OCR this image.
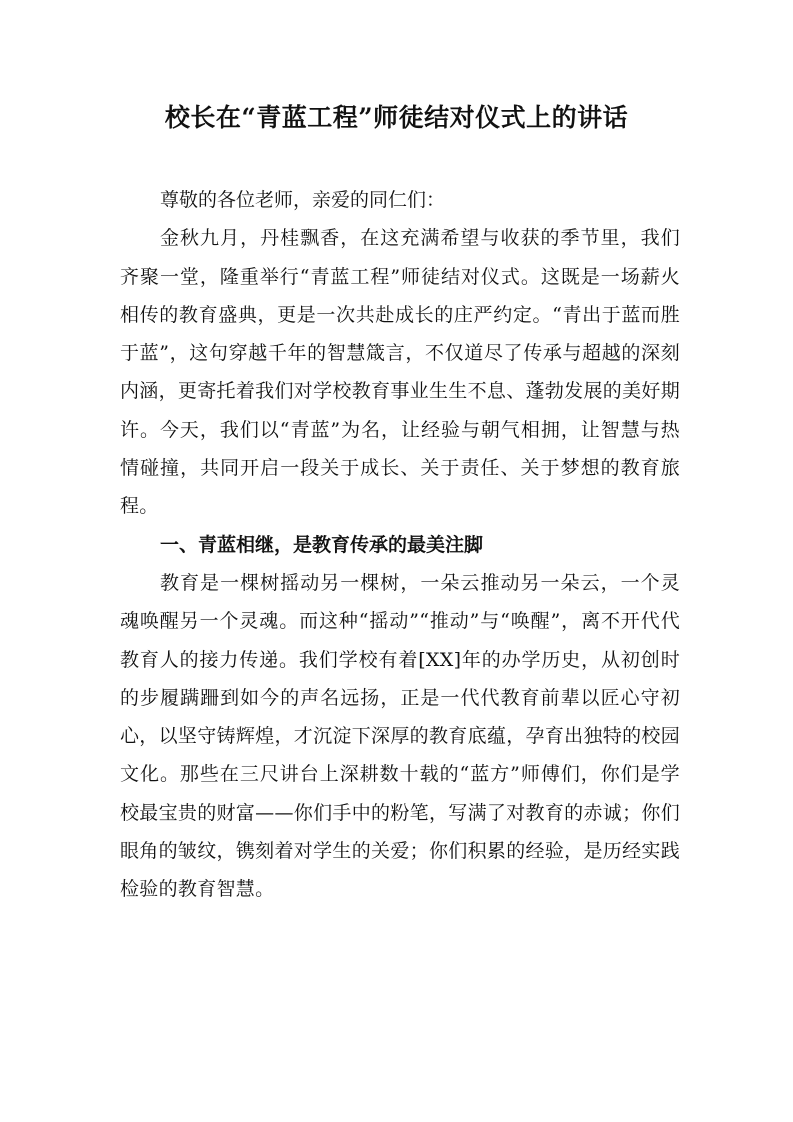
校长在“青蓝工程”师徒结对仪式上的讲话

尊敬的各位老师，亲爱的同仁们：

金秋九月，丹桂飘香，在这充满希望与收获的季节里，我们齐聚一堂，隆重举行“青蓝工程”师徒结对仪式。这既是一场薪火相传的教育盛典，更是一次共赴成长的庄严约定。“青出于蓝而胜于蓝”，这句穿越千年的智慧箴言，不仅道尽了传承与超越的深刻内涵，更寄托着我们对学校教育事业生生不息、蓬勃发展的美好期许。今天，我们以“青蓝”为名，让经验与朝气相拥，让智慧与热情碰撞，共同开启一段关于成长、关于责任、关于梦想的教育旅程。

一、青蓝相继，是教育传承的最美注脚

教育是一棵树摇动另一棵树，一朵云推动另一朵云，一个灵魂唤醒另一个灵魂。而这种“摇动”“推动”与“唤醒”，离不开代代教育人的接力传递。我们学校有着[XX]年的办学历史，从初创时的步履蹒跚到如今的声名远扬，正是一代代教育前辈以匠心守初心，以坚守铸辉煌，才沉淀下深厚的教育底蕴，孕育出独特的校园文化。那些在三尺讲台上深耕数十载的“蓝方”师傅们，你们是学校最宝贵的财富——你们手中的粉笔，写满了对教育的赤诚；你们眼角的皱纹，镌刻着对学生的关爱；你们积累的经验，是历经实践检验的教育智慧。
